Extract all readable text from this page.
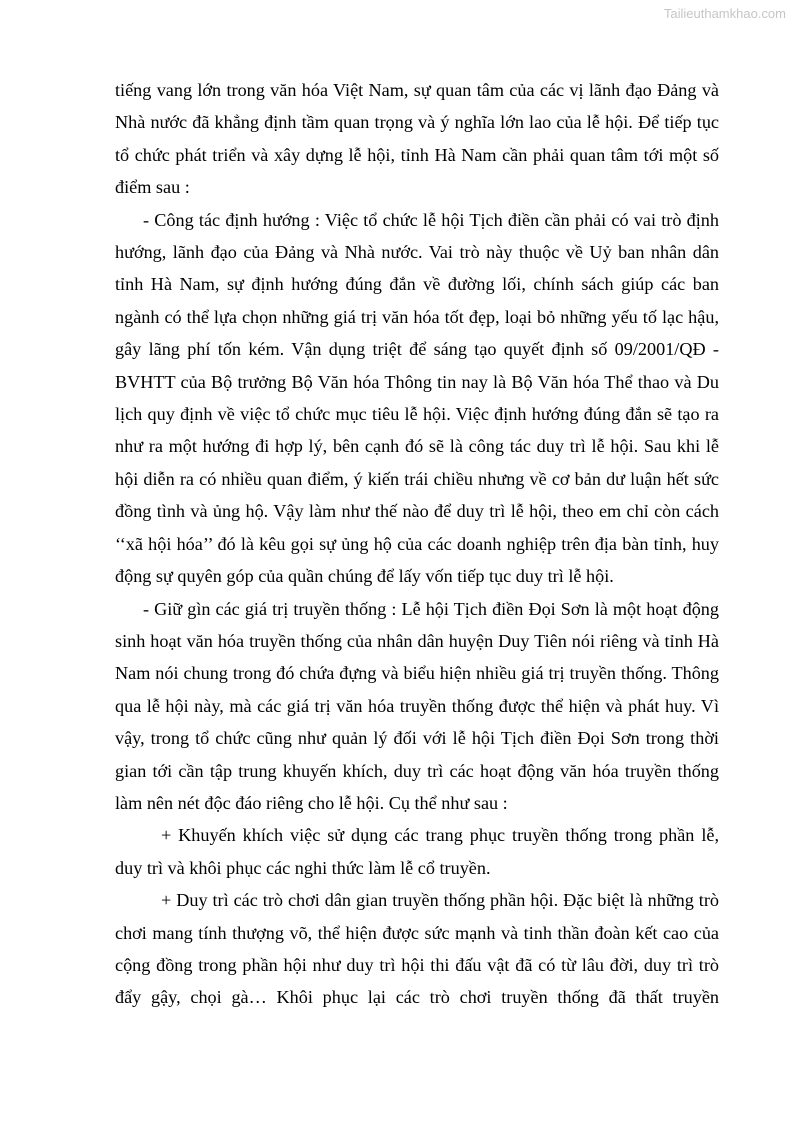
Tailieuthamkhao.com

tiếng vang lớn trong văn hóa Việt Nam, sự quan tâm của các vị lãnh đạo Đảng và Nhà nước đã khẳng định tầm quan trọng và ý nghĩa lớn lao của lễ hội. Để tiếp tục tổ chức phát triển và xây dựng lễ hội, tỉnh Hà Nam cần phải quan tâm tới một số điểm sau :

- Công tác định hướng : Việc tổ chức lễ hội Tịch điền cần phải có vai trò định hướng, lãnh đạo của Đảng và Nhà nước. Vai trò này thuộc về Uỷ ban nhân dân tỉnh Hà Nam, sự định hướng đúng đắn về đường lối, chính sách giúp các ban ngành có thể lựa chọn những giá trị văn hóa tốt đẹp, loại bỏ những yếu tố lạc hậu, gây lãng phí tốn kém. Vận dụng triệt để sáng tạo quyết định số 09/2001/QĐ - BVHTT của Bộ trưởng Bộ Văn hóa Thông tin nay là Bộ Văn hóa Thể thao và Du lịch quy định về việc tổ chức mục tiêu lễ hội. Việc định hướng đúng đắn sẽ tạo ra như ra một hướng đi hợp lý, bên cạnh đó sẽ là công tác duy trì lễ hội. Sau khi lễ hội diễn ra có nhiều quan điểm, ý kiến trái chiều nhưng về cơ bản dư luận hết sức đồng tình và ủng hộ. Vậy làm như thế nào để duy trì lễ hội, theo em chỉ còn cách ‘‘xã hội hóa’’ đó là kêu gọi sự ủng hộ của các doanh nghiệp trên địa bàn tỉnh, huy động sự quyên góp của quần chúng để lấy vốn tiếp tục duy trì lễ hội.

- Giữ gìn các giá trị truyền thống : Lễ hội Tịch điền Đọi Sơn là một hoạt động sinh hoạt văn hóa truyền thống của nhân dân huyện Duy Tiên nói riêng và tỉnh Hà Nam nói chung trong đó chứa đựng và biểu hiện nhiều giá trị truyền thống. Thông qua lễ hội này, mà các giá trị văn hóa truyền thống được thể hiện và phát huy. Vì vậy, trong tổ chức cũng như quản lý đối với lễ hội Tịch điền Đọi Sơn trong thời gian tới cần tập trung khuyến khích, duy trì các hoạt động văn hóa truyền thống làm nên nét độc đáo riêng cho lễ hội. Cụ thể như sau :

+ Khuyến khích việc sử dụng các trang phục truyền thống trong phần lễ, duy trì và khôi phục các nghi thức làm lễ cổ truyền.

+ Duy trì các trò chơi dân gian truyền thống phần hội. Đặc biệt là những trò chơi mang tính thượng võ, thể hiện được sức mạnh và tinh thần đoàn kết cao của cộng đồng trong phần hội như duy trì hội thi đấu vật đã có từ lâu đời, duy trì trò đẩy gậy, chọi gà… Khôi phục lại các trò chơi truyền thống đã thất truyền
